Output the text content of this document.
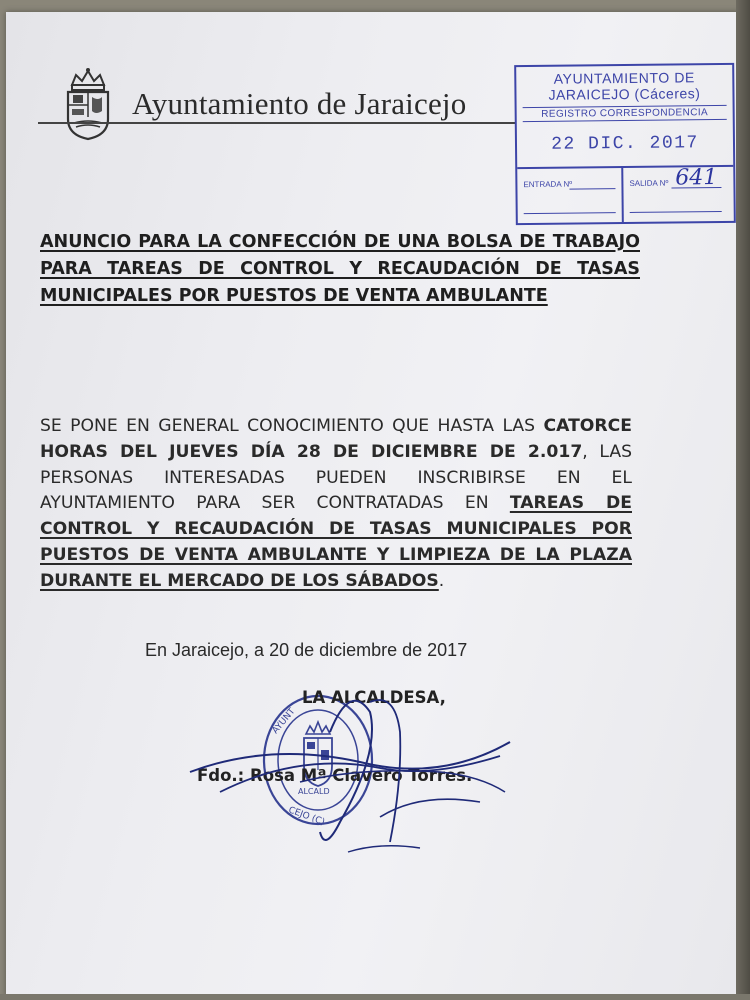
Ayuntamiento de Jaraicejo
AYUNTAMIENTO DE
JARAICEJO (Cáceres)
REGISTRO CORRESPONDENCIA
22 DIC. 2017
ENTRADA Nº	SALIDA Nº 641
ANUNCIO PARA LA CONFECCIÓN DE UNA BOLSA DE TRABAJO PARA TAREAS DE CONTROL Y RECAUDACIÓN DE TASAS MUNICIPALES POR PUESTOS DE VENTA AMBULANTE
SE PONE EN GENERAL CONOCIMIENTO QUE HASTA LAS CATORCE HORAS DEL JUEVES DÍA 28 DE DICIEMBRE DE 2.017, LAS PERSONAS INTERESADAS PUEDEN INSCRIBIRSE EN EL AYUNTAMIENTO PARA SER CONTRATADAS EN TAREAS DE CONTROL Y RECAUDACIÓN DE TASAS MUNICIPALES POR PUESTOS DE VENTA AMBULANTE Y LIMPIEZA DE LA PLAZA DURANTE EL MERCADO DE LOS SÁBADOS.
En Jaraicejo, a 20 de diciembre de 2017
AYUNT
CEJO (C)
ALCALD
LA ALCALDESA,
Fdo.: Rosa Mª Clavero Torres.
